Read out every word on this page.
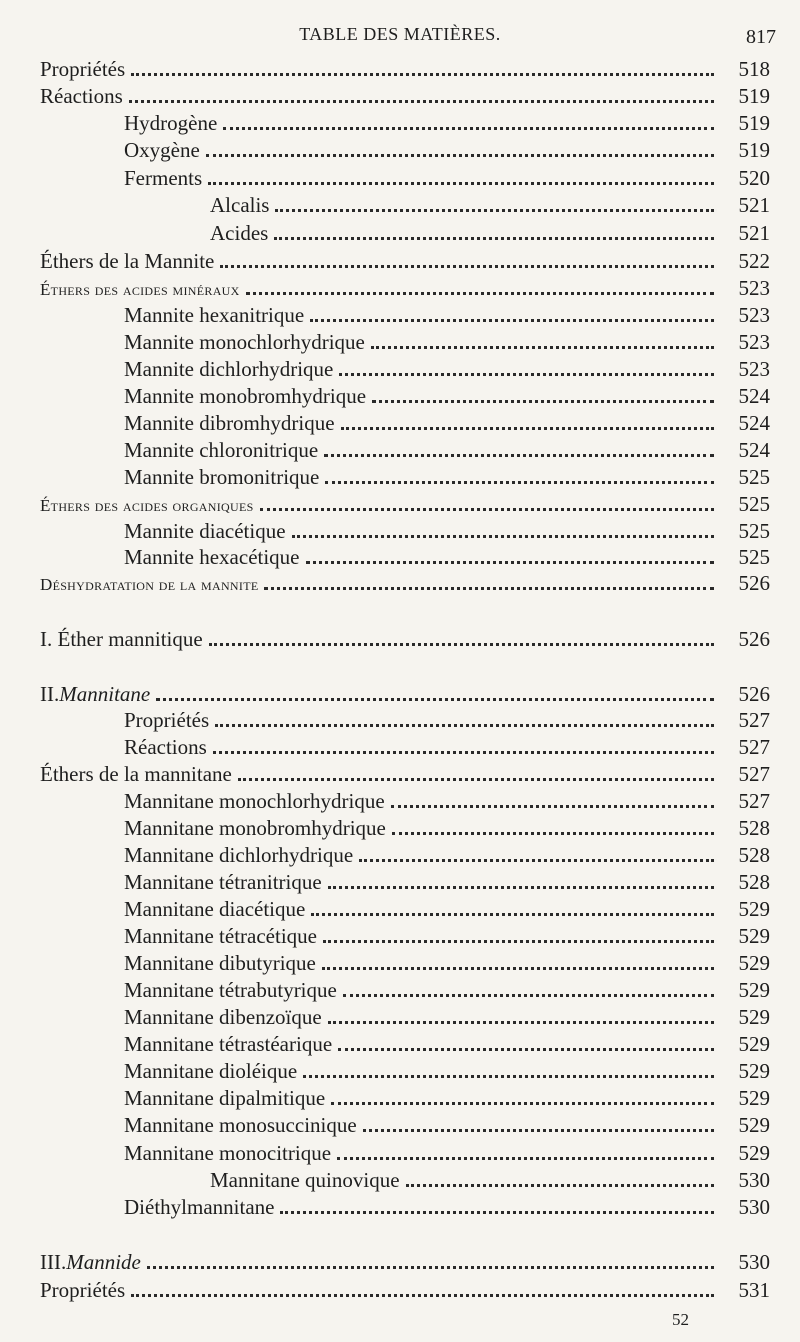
TABLE DES MATIÈRES.	817
Propriétés	518
Réactions	519
Hydrogène	519
Oxygène	519
Ferments	520
Alcalis	521
Acides	521
Éthers de la Mannite	522
Éthers des acides minéraux	523
Mannite hexanitrique	523
Mannite monochlorhydrique	523
Mannite dichlorhydrique	523
Mannite monobromhydrique	524
Mannite dibromhydrique	524
Mannite chloronitrique	524
Mannite bromonitrique	525
Éthers des acides organiques	525
Mannite diacétique	525
Mannite hexacétique	525
Déshydratation de la mannite	526
I. Éther mannitique	526
II. Mannitane	526
Propriétés	527
Réactions	527
Éthers de la mannitane	527
Mannitane monochlorhydrique	527
Mannitane monobromhydrique	528
Mannitane dichlorhydrique	528
Mannitane tétranitrique	528
Mannitane diacétique	529
Mannitane tétracétique	529
Mannitane dibutyrique	529
Mannitane tétrabutyrique	529
Mannitane dibenzoïque	529
Mannitane tétrastéarique	529
Mannitane dioléique	529
Mannitane dipalmitique	529
Mannitane monosuccinique	529
Mannitane monocitrique	529
Mannitane quinovique	530
Diéthylmannitane	530
III. Mannide	530
Propriétés	531
52
